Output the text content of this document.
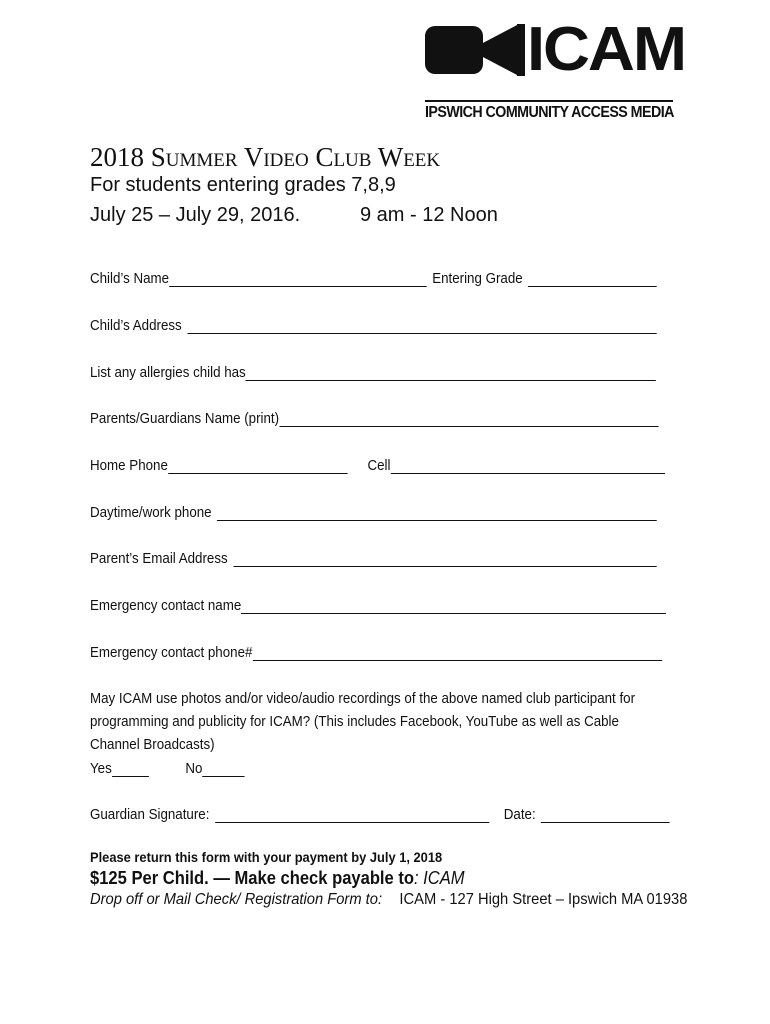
ICAM
IPSWICH COMMUNITY ACCESS MEDIA
2018 Summer Video Club Week
For students entering grades 7,8,9
July 25 – July 29, 2016.	9 am - 12 Noon
Child’s Name	Entering Grade
Child’s Address
List any allergies child has
Parents/Guardians Name (print)
Home Phone	Cell
Daytime/work phone
Parent’s Email Address
Emergency contact name
Emergency contact phone#
May ICAM use photos and/or video/audio recordings of the above named club participant for programming and publicity for ICAM? (This includes Facebook, YouTube as well as Cable Channel Broadcasts)
Yes	No
Guardian Signature:	Date:
Please return this form with your payment by July 1, 2018
$125 Per Child. — Make check payable to: ICAM
Drop off or Mail Check/ Registration Form to: ICAM - 127 High Street – Ipswich MA 01938
